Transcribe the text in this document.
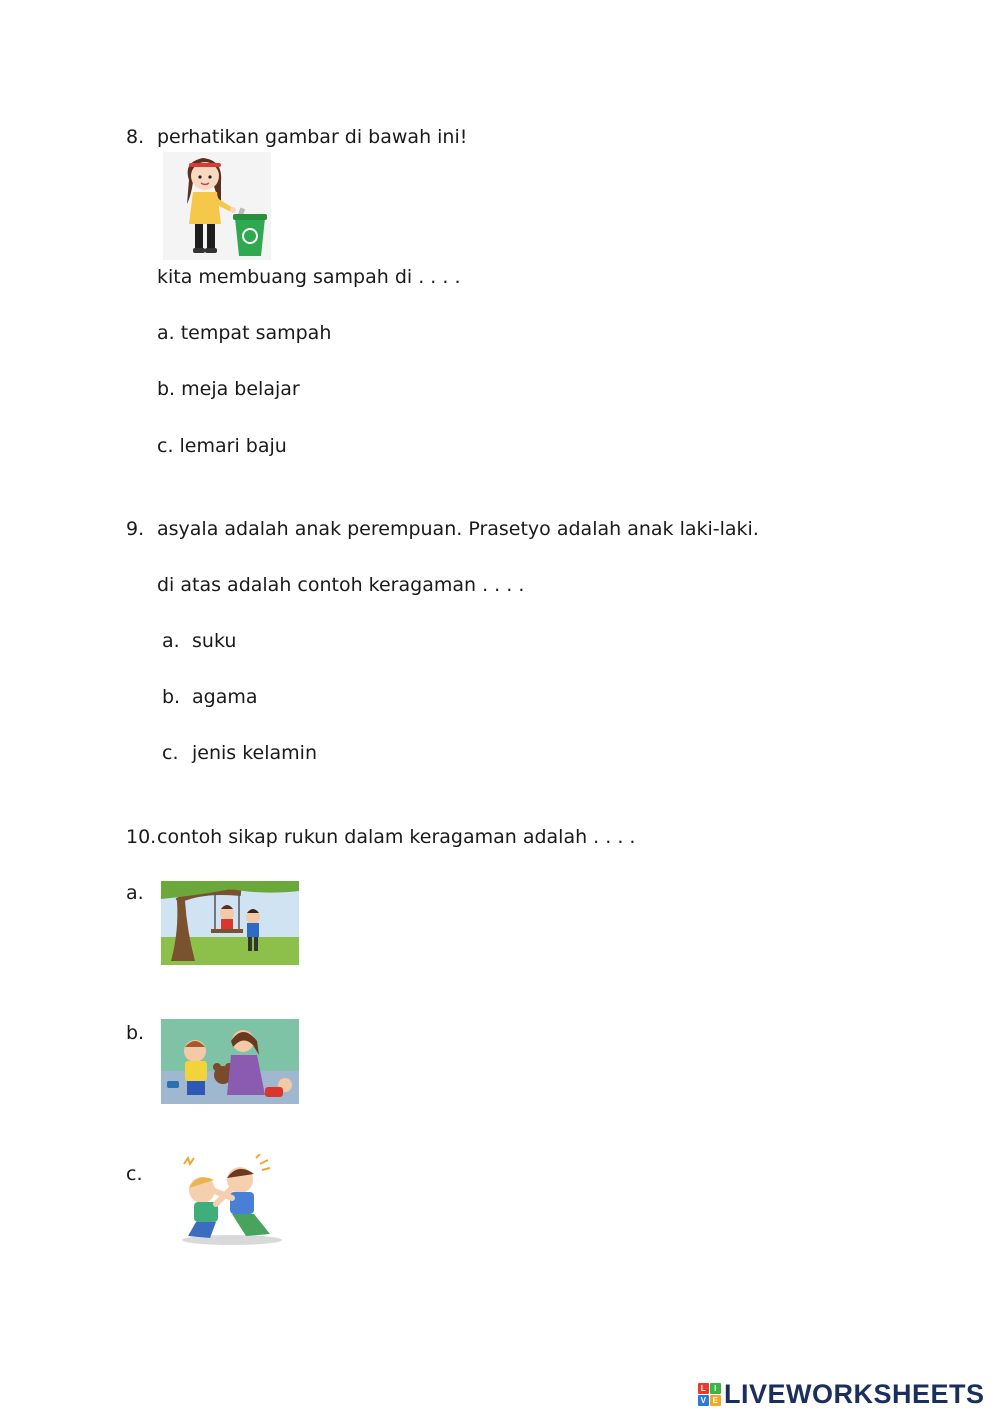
8. perhatikan gambar di bawah ini!
kita membuang sampah di . . . .
a. tempat sampah
b. meja belajar
c. lemari baju
9. asyala adalah anak perempuan. Prasetyo adalah anak laki-laki.
di atas adalah contoh keragaman . . . .
a. suku
b. agama
c. jenis kelamin
10. contoh sikap rukun dalam keragaman adalah . . . .
a.
b.
c.
L I
V E LIVEWORKSHEETS
